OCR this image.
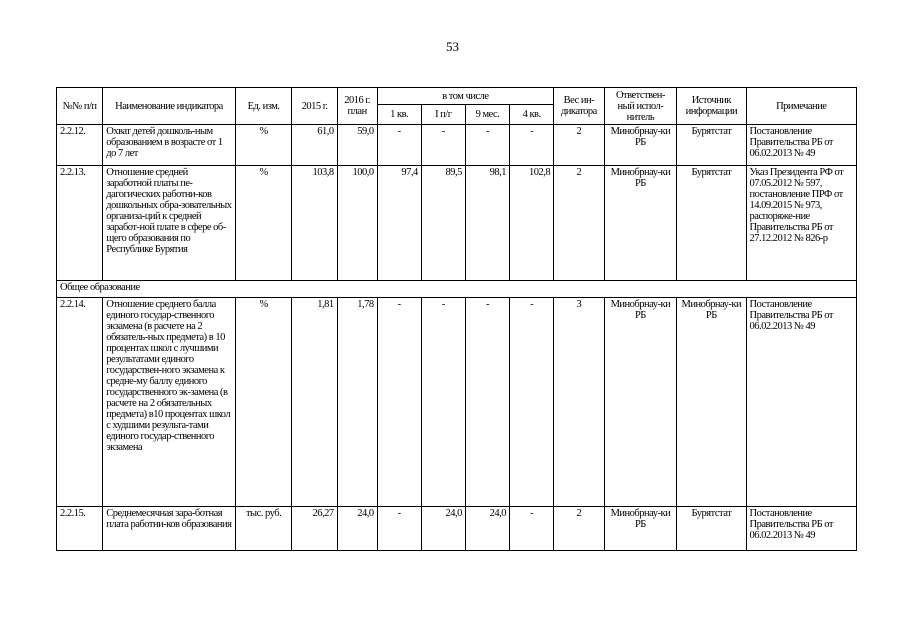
53
№№ п/п	Наименование индикатора	Ед. изм.	2015 г.	2016 г. план	в том числе				Вес ин-дикатора	Ответствен-ный испол-нитель	Источник информации	Примечание
					1 кв.	I п/г	9 мес.	4 кв.				
2.2.12.	Охват детей дошколь-ным образованием в возрасте от 1 до 7 лет	%	61,0	59,0	-	-	-	-	2	Минобрнау-ки РБ	Бурятстат	Постановление Правительства РБ от 06.02.2013 № 49
2.2.13.	Отношение средней заработной платы пе-дагогических работни-ков дошкольных обра-зовательных организа-ций к средней заработ-ной плате в сфере об-щего образования по Республике Бурятия	%	103,8	100,0	97,4	89,5	98,1	102,8	2	Минобрнау-ки РБ	Бурятстат	Указ Президента РФ от 07.05.2012 № 597, постановление ПРФ от 14.09.2015 № 973, распоряже-ние Правительства РБ от 27.12.2012 № 826-р
Общее образование												
2.2.14.	Отношение среднего балла единого государ-ственного экзамена (в расчете на 2 обязатель-ных предмета) в 10 процентах школ с лучшими результатами единого государствен-ного экзамена к средне-му баллу единого государственного эк-замена (в расчете на 2 обязательных предмета) в10 процентах школ с худшими результа-тами единого государ-ственного экзамена	%	1,81	1,78	-	-	-	-	3	Минобрнау-ки РБ	Минобрнау-ки РБ	Постановление Правительства РБ от 06.02.2013 № 49
2.2.15.	Среднемесячная зара-ботная плата работни-ков образования	тыс. руб.	26,27	24,0	-	24,0	24,0	-	2	Минобрнау-ки РБ	Бурятстат	Постановление Правительства РБ от 06.02.2013 № 49
